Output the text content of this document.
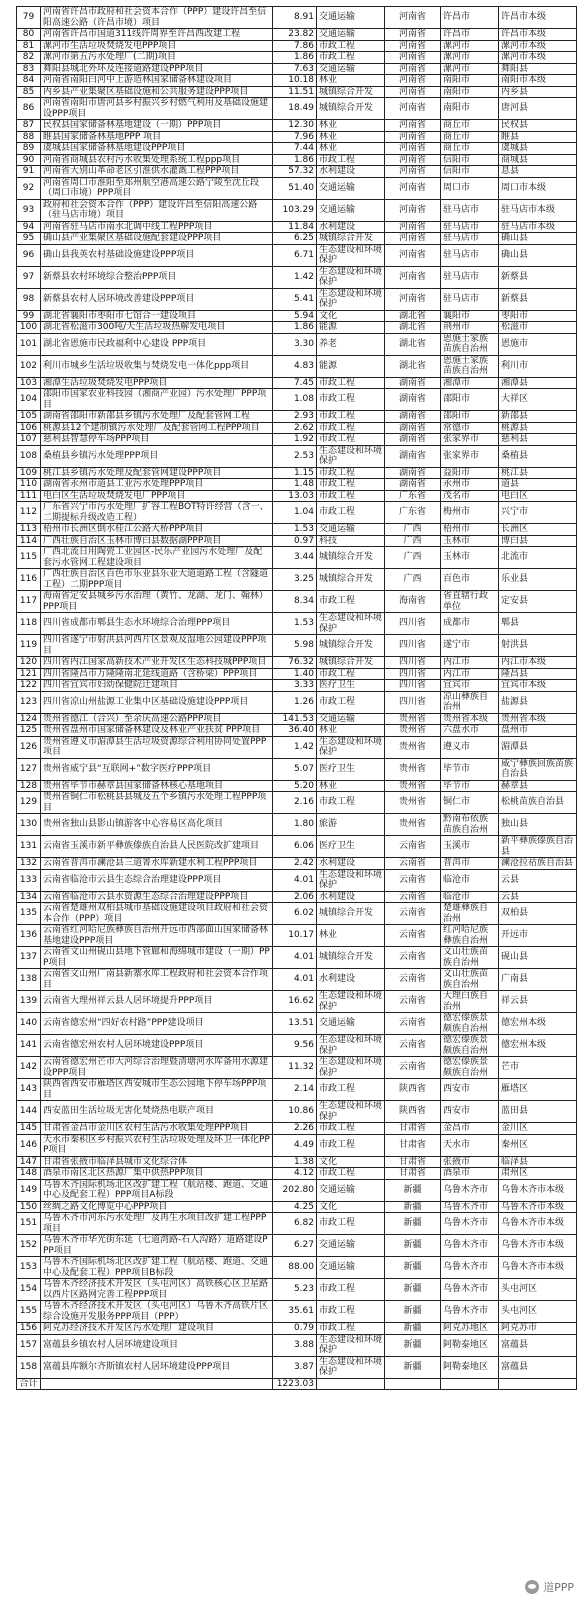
79	河南省许昌市政府和社会资本合作（PPP）建设许昌至信阳高速公路（许昌市境）项目	8.91	交通运输	河南省	许昌市	许昌市本级
80	河南省许昌市国道311线许周界至许昌西改建工程	23.82	交通运输	河南省	许昌市	许昌市本级
81	漯河市生活垃圾焚烧发电PPP项目	7.86	市政工程	河南省	漯河市	漯河市本级
82	漯河市第五污水处理厂(二期)项目	1.86	市政工程	河南省	漯河市	漯河市本级
83	舞阳县城北外环及连接道路建设PPP项目	7.63	交通运输	河南省	漯河市	舞阳县
84	河南省南阳白河中上游造林国家储备林建设项目	10.18	林业	河南省	南阳市	南阳市本级
85	内乡县产业集聚区基础设施和公共服务建设PPP项目	11.51	城镇综合开发	河南省	南阳市	内乡县
86	河南省南阳市唐河县乡村振兴乡村燃气利用及基础设施建设PPP项目	18.49	城镇综合开发	河南省	南阳市	唐河县
87	民权县国家储备林基地建设（一期）PPP项目	12.30	林业	河南省	商丘市	民权县
88	睢县国家储备林基地PPP 项目	7.96	林业	河南省	商丘市	睢县
89	虞城县国家储备林基地建设PPP项目	7.44	林业	河南省	商丘市	虞城县
90	河南省商城县农村污水收集处理系统工程ppp项目	1.86	市政工程	河南省	信阳市	商城县
91	河南省大别山革命老区引淮供水灌溉工程PPP项目	57.32	水利建设	河南省	信阳市	息县
92	河南省周口市淮阳至郑州航空港高速公路宁陵至沈丘段（周口市境）PPP项目	51.40	交通运输	河南省	周口市	周口市本级
93	政府和社会资本合作（PPP）建设许昌至信阳高速公路（驻马店市境）项目	103.29	交通运输	河南省	驻马店市	驻马店市本级
94	河南省驻马店市南水北调中线工程PPP项目	11.84	水利建设	河南省	驻马店市	驻马店市本级
95	确山县产业集聚区基础设施配套建设PPP项目	6.25	城镇综合开发	河南省	驻马店市	确山县
96	确山县我英农村基础设施建设PPP项目	6.71	生态建设和环境保护	河南省	驻马店市	确山县
97	新蔡县农村环境综合整治PPP项目	1.42	生态建设和环境保护	河南省	驻马店市	新蔡县
98	新蔡县农村人居环境改善建设PPP项目	5.41	生态建设和环境保护	河南省	驻马店市	新蔡县
99	湖北省襄阳市枣阳市七馆合一建设项目	5.94	文化	湖北省	襄阳市	枣阳市
100	湖北省松滋市300吨/天生活垃圾热解发电项目	1.86	能源	湖北省	荆州市	松滋市
101	湖北省恩施市民政福利中心建设 PPP项目	3.30	养老	湖北省	恩施土家族苗族自治州	恩施市
102	利川市城乡生活垃圾收集与焚烧发电一体化ppp项目	4.83	能源	湖北省	恩施土家族苗族自治州	利川市
103	湘潭生活垃圾焚烧发电PPP项目	7.45	市政工程	湖南省	湘潭市	湘潭县
104	邵阳市国家农业科技园（湘商产业园）污水处理厂PPP项目	1.08	市政工程	湖南省	邵阳市	大祥区
105	湖南省邵阳市新邵县乡镇污水处理厂及配套管网工程	2.93	市政工程	湖南省	邵阳市	新邵县
106	桃源县12个建制镇污水处理厂及配套管网工程PPP项目	2.62	市政工程	湖南省	常德市	桃源县
107	慈利县智慧停车场PPP项目	1.92	市政工程	湖南省	张家界市	慈利县
108	桑植县乡镇污水处理PPP项目	2.53	生态建设和环境保护	湖南省	张家界市	桑植县
109	桃江县乡镇污水处理及配套管网建设PPP项目	1.15	市政工程	湖南省	益阳市	桃江县
110	湖南省永州市道县工业污水处理PPP项目	1.48	市政工程	湖南省	永州市	道县
111	电白区生活垃圾焚烧发电厂PPP项目	13.03	市政工程	广东省	茂名市	电白区
112	广东省兴宁市污水处理厂扩容工程BOT特许经营（含一、二期提标升级改造工程）	1.04	市政工程	广东省	梅州市	兴宁市
113	梧州市长洲区倒水桂江公路大桥PPP项目	1.53	交通运输	广西	梧州市	长洲区
114	广西壮族自治区玉林市博白县数据湖PPP项目	0.97	科技	广西	玉林市	博白县
115	广西北流日用陶瓷工业园区-民乐产业园污水处理厂及配套污水管网工程建设项目	3.44	城镇综合开发	广西	玉林市	北流市
116	广西壮族自治区百色市乐业县乐业大道道路工程（含隧道工程）二期PPP项目	3.25	城镇综合开发	广西	百色市	乐业县
117	海南省定安县城乡污水治理（黄竹、龙湖、龙门、翰林）PPP项目	8.34	市政工程	海南省	省直辖行政单位	定安县
118	四川省成都市郫县生态水环境综合治理PPP项目	1.53	生态建设和环境保护	四川省	成都市	郫县
119	四川省遂宁市射洪县河西片区景观及湿地公园建设PPP项目	5.98	城镇综合开发	四川省	遂宁市	射洪县
120	四川省内江国家高新技术产业开发区生态科技城PPP项目	76.32	城镇综合开发	四川省	内江市	内江市本级
121	四川省隆昌市万隆隆南北延线道路（含桥梁）PPP项目	1.40	市政工程	四川省	内江市	隆昌县
122	四川省宜宾市妇幼保健院迁建项目	3.33	医疗卫生	四川省	宜宾市	宜宾市本级
123	四川省凉山州盐源工业集中区基础设施建设PPP项目	1.26	市政工程	四川省	凉山彝族自治州	盐源县
124	贵州省德江（合兴）至余庆高速公路PPP项目	141.53	交通运输	贵州省	贵州省本级	贵州省本级
125	贵州省盘州市国家储备林建设及林业产业扶贫 PPP项目	36.40	林业	贵州省	六盘水市	盘州市
126	贵州省遵义市湄潭县生活垃圾资源综合利用协同处置PPP项目	1.42	生态建设和环境保护	贵州省	遵义市	湄潭县
127	贵州省威宁县“互联网+”数字医疗PPP项目	5.07	医疗卫生	贵州省	毕节市	威宁彝族回族苗族自治县
128	贵州省毕节市赫章县国家储备林核心基地项目	5.20	林业	贵州省	毕节市	赫章县
129	贵州省铜仁市松桃县县城及五个乡镇污水处理工程PPP项目	2.16	市政工程	贵州省	铜仁市	松桃苗族自治县
130	贵州省独山县影山镇游客中心容易区高化项目	1.80	旅游	贵州省	黔南布依族苗族自治州	独山县
131	云南省玉溪市新平彝族傣族自治县人民医院改扩建项目	6.06	医疗卫生	云南省	玉溪市	新平彝族傣族自治县
132	云南省普洱市澜沧县三道箐水库新建水利工程PPP项目	2.42	水利建设	云南省	普洱市	澜沧拉祜族自治县
133	云南省临沧市云县生态综合治理建设PPP项目	4.01	生态建设和环境保护	云南省	临沧市	云县
134	云南省临沧市云县水资源生态综合治理建设PPP项目	2.06	水利建设	云南省	临沧市	云县
135	云南省楚雄州双柏县城市基础设施建设项目政府和社会资本合作（PPP）项目	6.02	城镇综合开发	云南省	楚雄彝族自治州	双柏县
136	云南省红河哈尼族彝族自治州开远市西部面山国家储备林基地建设PPP项目	10.17	林业	云南省	红河哈尼族彝族自治州	开远市
137	云南省文山州砚山县地下管廊和海绵城市建设（一期）PPP项目	4.01	城镇综合开发	云南省	文山壮族苗族自治州	砚山县
138	云南省文山州广南县新寨水库工程政府和社会资本合作项目	4.01	水利建设	云南省	文山壮族苗族自治州	广南县
139	云南省大理州祥云县人居环境提升PPP项目	16.62	生态建设和环境保护	云南省	大理白族自治州	祥云县
140	云南省德宏州“四好农村路”PPP建设项目	13.51	交通运输	云南省	德宏傣族景颇族自治州	德宏州本级
141	云南省德宏州农村人居环境建设PPP项目	9.56	生态建设和环境保护	云南省	德宏傣族景颇族自治州	德宏州本级
142	云南省德宏州芒市大河综合治理暨清塘河水库备用水源建设PPP项目	11.32	生态建设和环境保护	云南省	德宏傣族景颇族自治州	芒市
143	陕西省西安市雁塔区西安城市生态公园地下停车场PPP项目	2.14	市政工程	陕西省	西安市	雁塔区
144	西安蓝田生活垃圾无害化焚烧热电联产项目	10.86	生态建设和环境保护	陕西省	西安市	蓝田县
145	甘肃省金昌市金川区农村生活污水收集处理PPP项目	2.26	市政工程	甘肃省	金昌市	金川区
146	天水市秦积区乡村振兴农村生活垃圾处理及环卫一体化PPP项目	4.49	市政工程	甘肃省	天水市	秦州区
147	甘肃省张掖市临泽县城市文化综合体	1.38	文化	甘肃省	张掖市	临泽县
148	酒泉市南区北区热源厂集中供热PPP项目	4.12	市政工程	甘肃省	酒泉市	肃州区
149	乌鲁木齐国际机场北区改扩建工程（航站楼、跑道、交通中心及配套工程）PPP项目A标段	202.80	交通运输	新疆	乌鲁木齐市	乌鲁木齐市本级
150	丝绸之路文化博览中心PPP项目	4.25	文化	新疆	乌鲁木齐市	乌鲁木齐市本级
151	乌鲁木齐市河东污水处理厂及再生水项目改扩建工程PPP项目	6.82	市政工程	新疆	乌鲁木齐市	乌鲁木齐市本级
152	乌鲁木齐市华光街东延（七道湾路-石人沟路）道路建设PPP项目	6.27	交通运输	新疆	乌鲁木齐市	乌鲁木齐市本级
153	乌鲁木齐国际机场北区改扩建工程（航站楼、跑道、交通中心及配套工程）PPP项目B标段	88.00	交通运输	新疆	乌鲁木齐市	乌鲁木齐市本级
154	乌鲁木齐经济技术开发区（头屯河区）高铁核心区卫星路以西片区路网完善工程PPP项目	5.23	市政工程	新疆	乌鲁木齐市	头屯河区
155	乌鲁木齐经济技术开发区（头屯河区）乌鲁木齐高铁片区综合设施开发服务PPP项目（PPP）	35.61	市政工程	新疆	乌鲁木齐市	头屯河区
156	阿克苏经济技术开发区污水处理厂建设项目	0.79	市政工程	新疆	阿克苏地区	阿克苏市
157	富蕴县乡镇农村人居环境建设项目	3.88	生态建设和环境保护	新疆	阿勒泰地区	富蕴县
158	富蕴县库额尔齐斯镇农村人居环境建设PPP项目	3.87	生态建设和环境保护	新疆	阿勒泰地区	富蕴县
合计		1223.03				
道PPP
